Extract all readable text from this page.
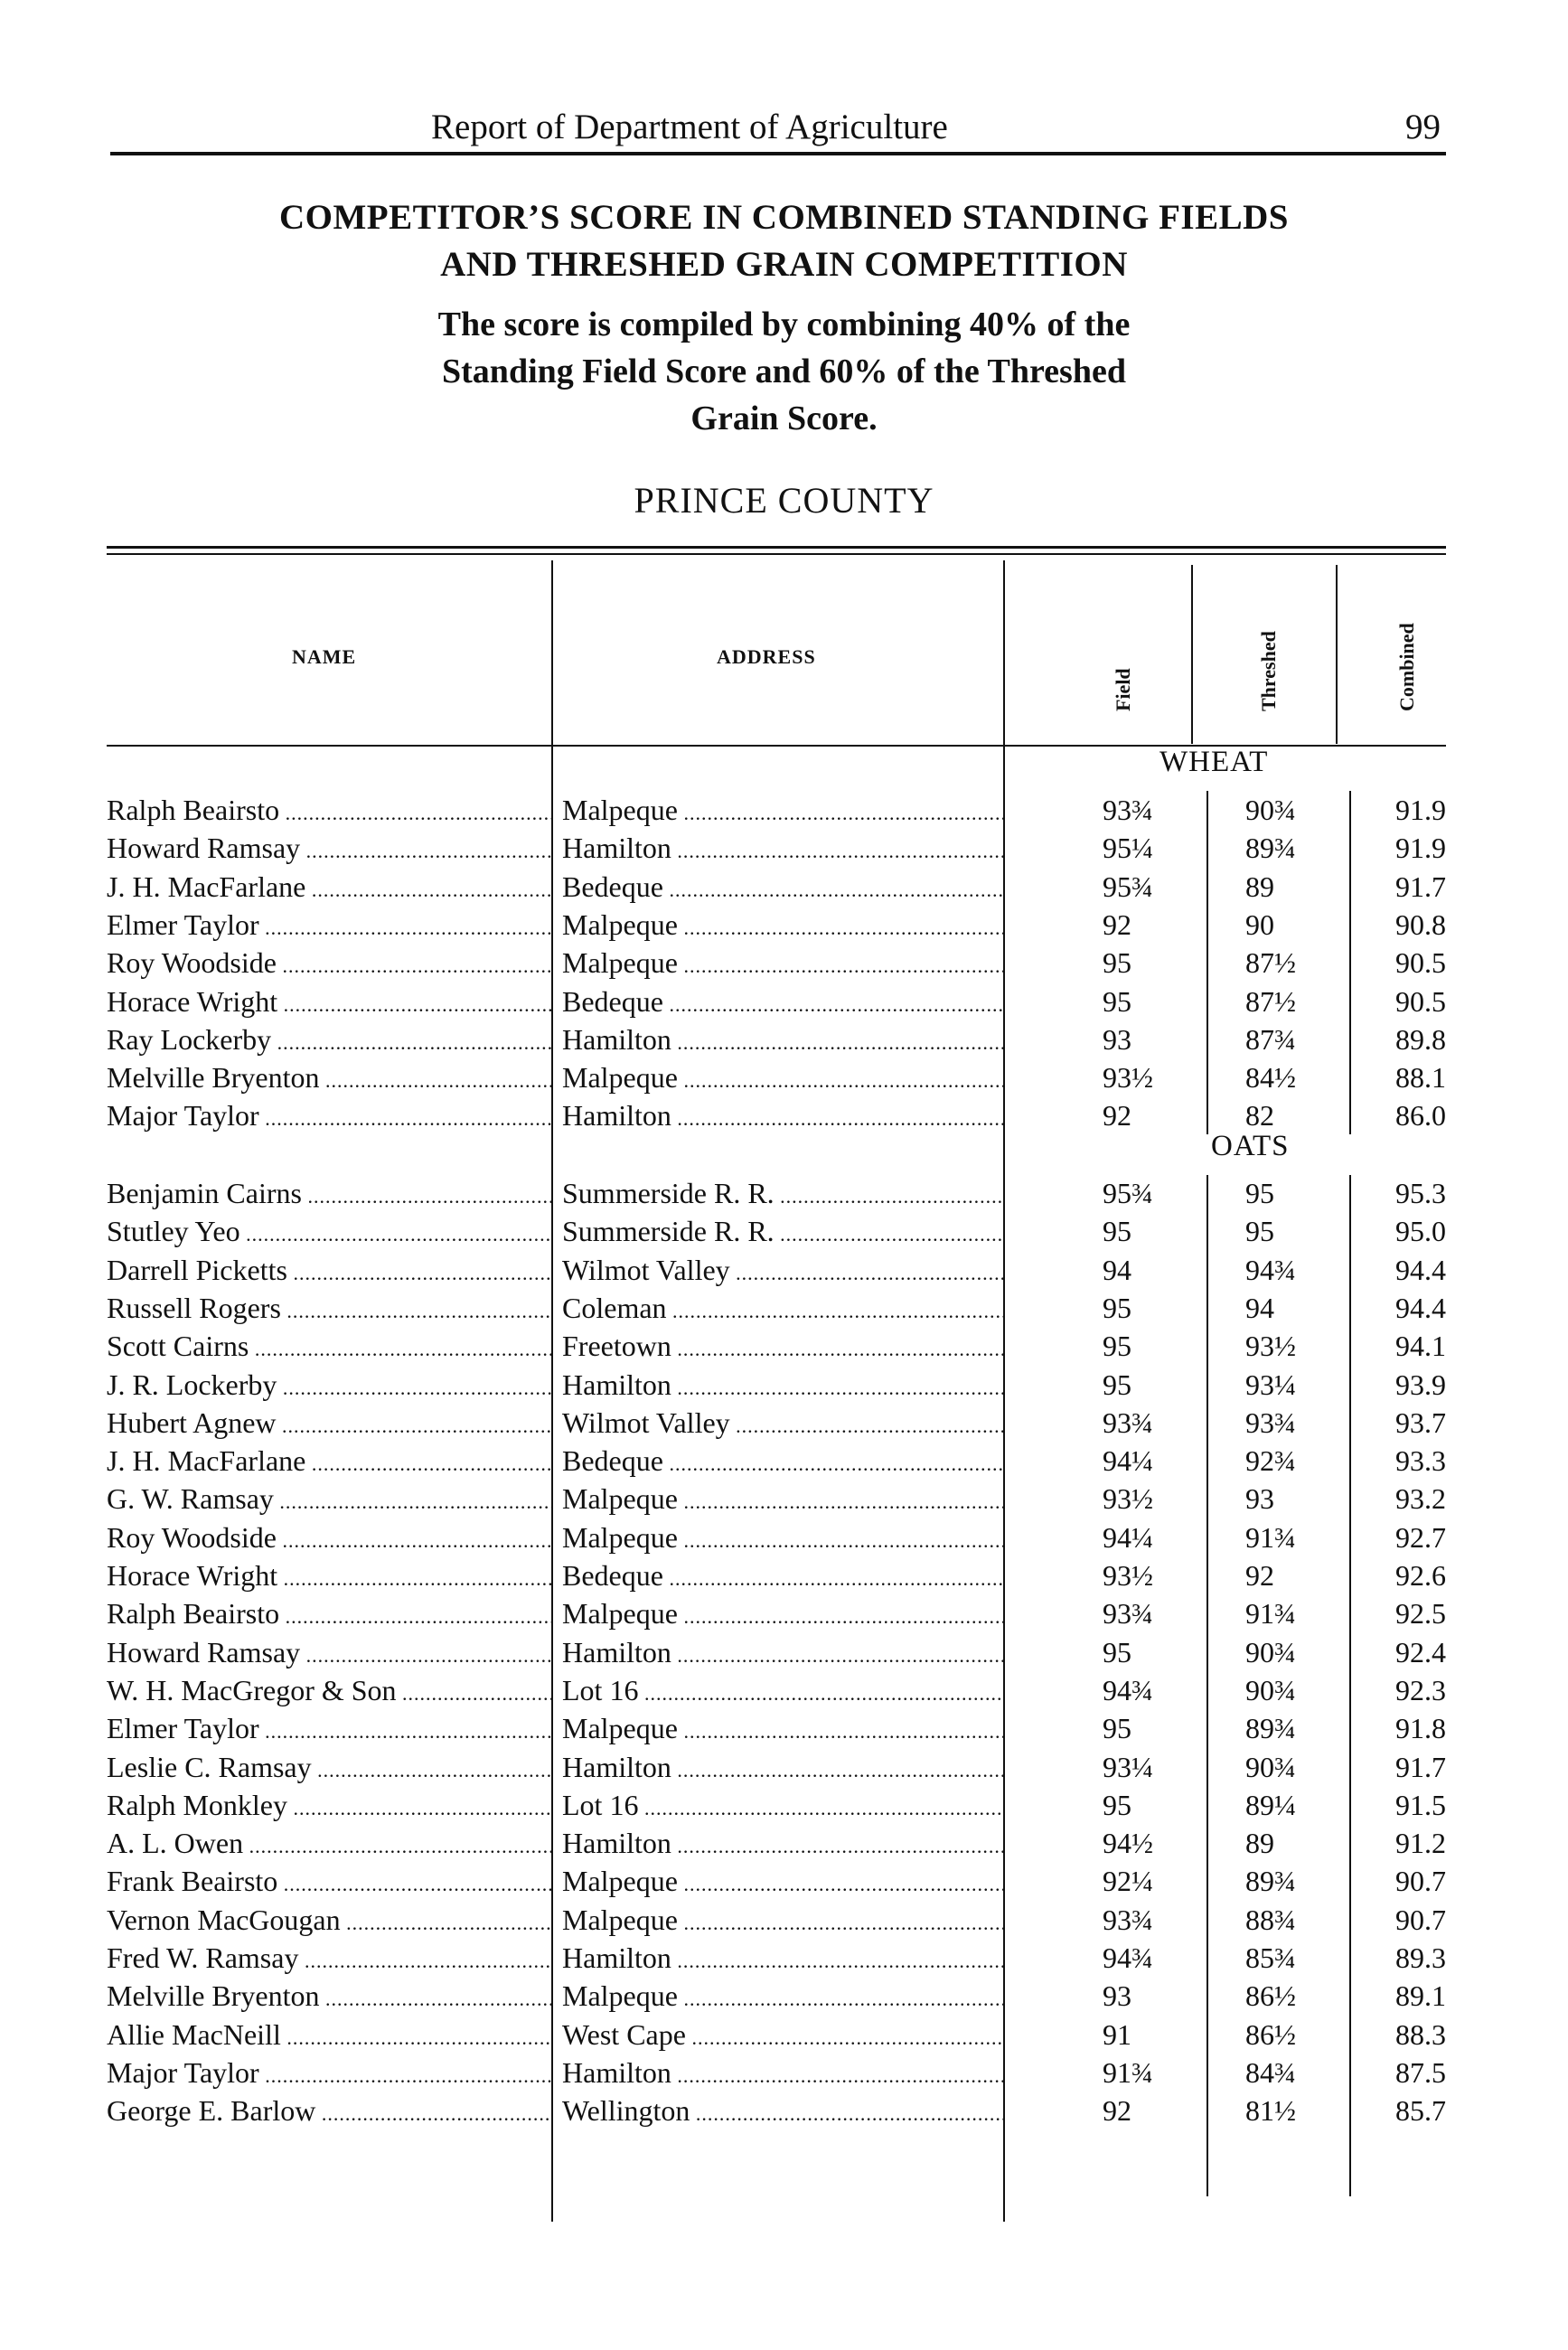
Report of Department of Agriculture	99
COMPETITOR’S SCORE IN COMBINED STANDING FIELDS
AND THRESHED GRAIN COMPETITION
The score is compiled by combining 40% of the
Standing Field Score and 60% of the Threshed
Grain Score.
PRINCE COUNTY
NAME	ADDRESS
Field	Threshed	Combined
WHEAT
OATS
Ralph Beairsto .....	Malpeque .....	93¾	90¾	91.9
Howard Ramsay .....	Hamilton .....	95¼	89¾	91.9
J. H. MacFarlane .....	Bedeque .....	95¾	89	91.7
Elmer Taylor .....	Malpeque .....	92	90	90.8
Roy Woodside .....	Malpeque .....	95	87½	90.5
Horace Wright .....	Bedeque .....	95	87½	90.5
Ray Lockerby .....	Hamilton .....	93	87¾	89.8
Melville Bryenton .....	Malpeque .....	93½	84½	88.1
Major Taylor .....	Hamilton .....	92	82	86.0
Benjamin Cairns .....	Summerside R. R. .....	95¾	95	95.3
Stutley Yeo .....	Summerside R. R. .....	95	95	95.0
Darrell Picketts .....	Wilmot Valley .....	94	94¾	94.4
Russell Rogers .....	Coleman .....	95	94	94.4
Scott Cairns .....	Freetown .....	95	93½	94.1
J. R. Lockerby .....	Hamilton .....	95	93¼	93.9
Hubert Agnew .....	Wilmot Valley .....	93¾	93¾	93.7
J. H. MacFarlane .....	Bedeque .....	94¼	92¾	93.3
G. W. Ramsay .....	Malpeque .....	93½	93	93.2
Roy Woodside .....	Malpeque .....	94¼	91¾	92.7
Horace Wright .....	Bedeque .....	93½	92	92.6
Ralph Beairsto .....	Malpeque .....	93¾	91¾	92.5
Howard Ramsay .....	Hamilton .....	95	90¾	92.4
W. H. MacGregor & Son .....	Lot 16 .....	94¾	90¾	92.3
Elmer Taylor .....	Malpeque .....	95	89¾	91.8
Leslie C. Ramsay .....	Hamilton .....	93¼	90¾	91.7
Ralph Monkley .....	Lot 16 .....	95	89¼	91.5
A. L. Owen .....	Hamilton .....	94½	89	91.2
Frank Beairsto .....	Malpeque .....	92¼	89¾	90.7
Vernon MacGougan .....	Malpeque .....	93¾	88¾	90.7
Fred W. Ramsay .....	Hamilton .....	94¾	85¾	89.3
Melville Bryenton .....	Malpeque .....	93	86½	89.1
Allie MacNeill .....	West Cape .....	91	86½	88.3
Major Taylor .....	Hamilton .....	91¾	84¾	87.5
George E. Barlow .....	Wellington .....	92	81½	85.7
